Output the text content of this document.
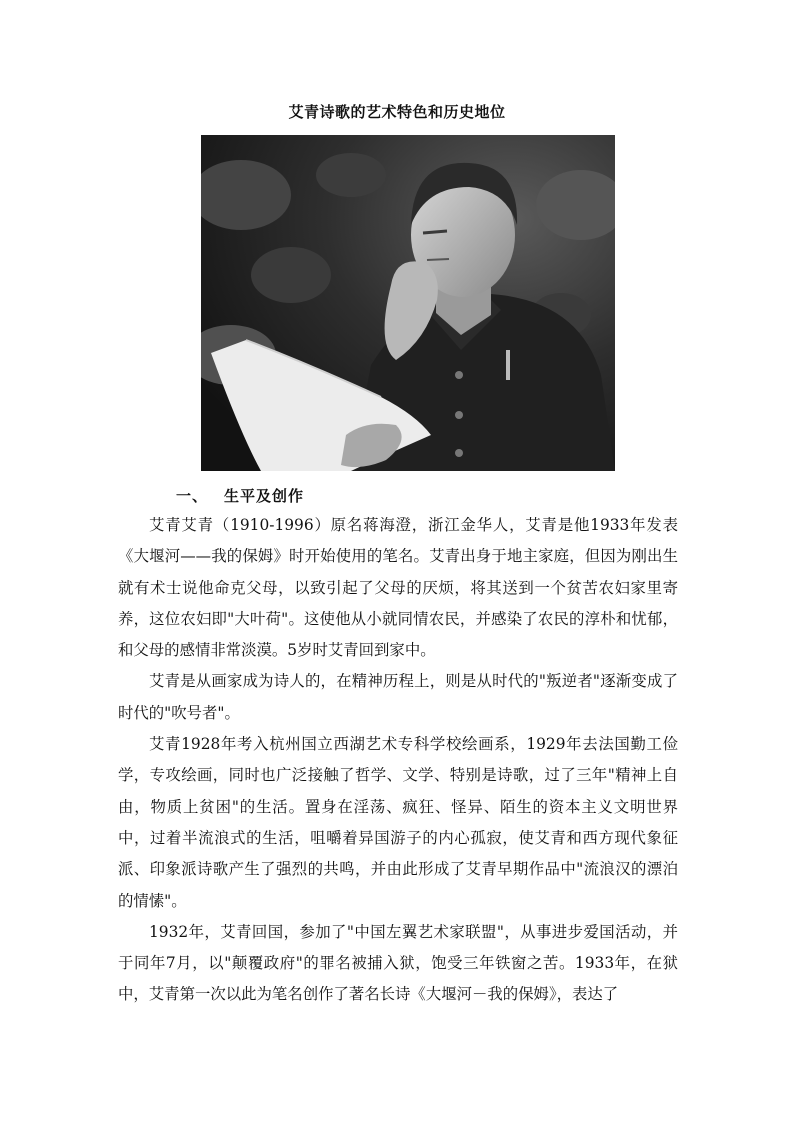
艾青诗歌的艺术特色和历史地位
一、 生平及创作

艾青艾青（1910-1996）原名蒋海澄，浙江金华人，艾青是他1933年发表《大堰河——我的保姆》时开始使用的笔名。艾青出身于地主家庭，但因为刚出生就有术士说他命克父母，以致引起了父母的厌烦，将其送到一个贫苦农妇家里寄养，这位农妇即"大叶荷"。这使他从小就同情农民，并感染了农民的淳朴和忧郁，和父母的感情非常淡漠。5岁时艾青回到家中。

艾青是从画家成为诗人的，在精神历程上，则是从时代的"叛逆者"逐渐变成了时代的"吹号者"。

艾青1928年考入杭州国立西湖艺术专科学校绘画系，1929年去法国勤工俭学，专攻绘画，同时也广泛接触了哲学、文学、特别是诗歌，过了三年"精神上自由，物质上贫困"的生活。置身在淫荡、疯狂、怪异、陌生的资本主义文明世界中，过着半流浪式的生活，咀嚼着异国游子的内心孤寂，使艾青和西方现代象征派、印象派诗歌产生了强烈的共鸣，并由此形成了艾青早期作品中"流浪汉的漂泊的情愫"。

1932年，艾青回国，参加了"中国左翼艺术家联盟"，从事进步爱国活动，并于同年7月，以"颠覆政府"的罪名被捕入狱，饱受三年铁窗之苦。1933年，在狱中，艾青第一次以此为笔名创作了著名长诗《大堰河－我的保姆》，表达了
